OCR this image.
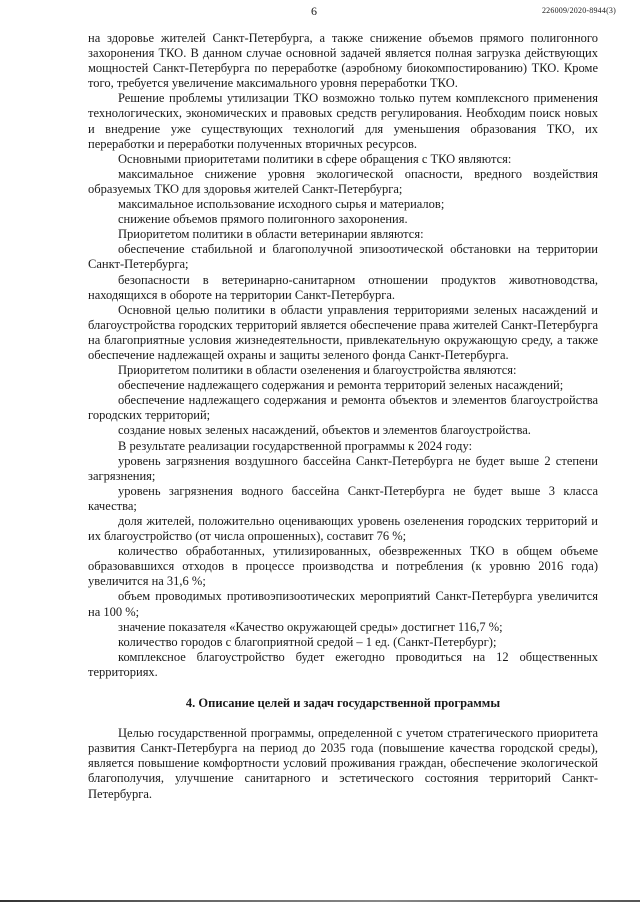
6	226009/2020-8944(3)

на здоровье жителей Санкт-Петербурга, а также снижение объемов прямого полигонного захоронения ТКО. В данном случае основной задачей является полная загрузка действующих мощностей Санкт-Петербурга по переработке (аэробному биокомпостированию) ТКО. Кроме того, требуется увеличение максимального уровня переработки ТКО.

Решение проблемы утилизации ТКО возможно только путем комплексного применения технологических, экономических и правовых средств регулирования. Необходим поиск новых и внедрение уже существующих технологий для уменьшения образования ТКО, их переработки и переработки полученных вторичных ресурсов.

Основными приоритетами политики в сфере обращения с ТКО являются:

максимальное снижение уровня экологической опасности, вредного воздействия образуемых ТКО для здоровья жителей Санкт-Петербурга;

максимальное использование исходного сырья и материалов;

снижение объемов прямого полигонного захоронения.

Приоритетом политики в области ветеринарии являются:

обеспечение стабильной и благополучной эпизоотической обстановки на территории Санкт-Петербурга;

безопасности в ветеринарно-санитарном отношении продуктов животноводства, находящихся в обороте на территории Санкт-Петербурга.

Основной целью политики в области управления территориями зеленых насаждений и благоустройства городских территорий является обеспечение права жителей Санкт-Петербурга на благоприятные условия жизнедеятельности, привлекательную окружающую среду, а также обеспечение надлежащей охраны и защиты зеленого фонда Санкт-Петербурга.

Приоритетом политики в области озеленения и благоустройства являются:

обеспечение надлежащего содержания и ремонта территорий зеленых насаждений;

обеспечение надлежащего содержания и ремонта объектов и элементов благоустройства городских территорий;

создание новых зеленых насаждений, объектов и элементов благоустройства.

В результате реализации государственной программы к 2024 году:

уровень загрязнения воздушного бассейна Санкт-Петербурга не будет выше 2 степени загрязнения;

уровень загрязнения водного бассейна Санкт-Петербурга не будет выше 3 класса качества;

доля жителей, положительно оценивающих уровень озеленения городских территорий и их благоустройство (от числа опрошенных), составит 76 %;

количество обработанных, утилизированных, обезвреженных ТКО в общем объеме образовавшихся отходов в процессе производства и потребления (к уровню 2016 года) увеличится на 31,6 %;

объем проводимых противоэпизоотических мероприятий Санкт-Петербурга увеличится на 100 %;

значение показателя «Качество окружающей среды» достигнет 116,7 %;

количество городов с благоприятной средой – 1 ед. (Санкт-Петербург);

комплексное благоустройство будет ежегодно проводиться на 12 общественных территориях.

4. Описание целей и задач государственной программы

Целью государственной программы, определенной с учетом стратегического приоритета развития Санкт-Петербурга на период до 2035 года (повышение качества городской среды), является повышение комфортности условий проживания граждан, обеспечение экологической благополучия, улучшение санитарного и эстетического состояния территорий Санкт-Петербурга.
